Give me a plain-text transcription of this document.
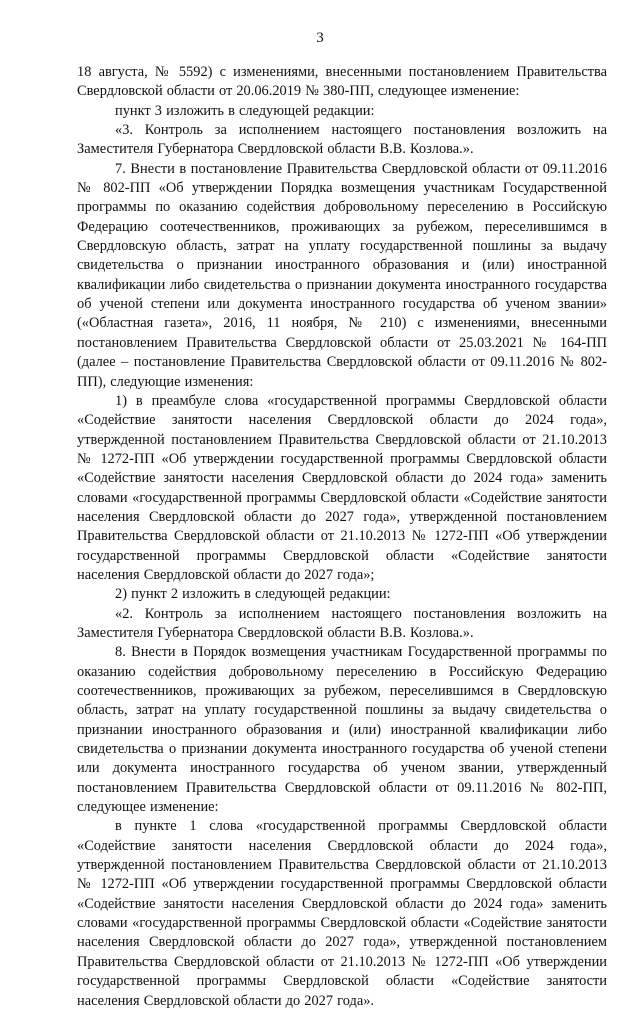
3

18 августа, № 5592) с изменениями, внесенными постановлением Правительства Свердловской области от 20.06.2019 № 380-ПП, следующее изменение:

пункт 3 изложить в следующей редакции:

«3. Контроль за исполнением настоящего постановления возложить на Заместителя Губернатора Свердловской области В.В. Козлова.».

7. Внести в постановление Правительства Свердловской области от 09.11.2016 № 802-ПП «Об утверждении Порядка возмещения участникам Государственной программы по оказанию содействия добровольному переселению в Российскую Федерацию соотечественников, проживающих за рубежом, переселившимся в Свердловскую область, затрат на уплату государственной пошлины за выдачу свидетельства о признании иностранного образования и (или) иностранной квалификации либо свидетельства о признании документа иностранного государства об ученой степени или документа иностранного государства об ученом звании» («Областная газета», 2016, 11 ноября, № 210) с изменениями, внесенными постановлением Правительства Свердловской области от 25.03.2021 № 164-ПП (далее – постановление Правительства Свердловской области от 09.11.2016 № 802-ПП), следующие изменения:

1) в преамбуле слова «государственной программы Свердловской области «Содействие занятости населения Свердловской области до 2024 года», утвержденной постановлением Правительства Свердловской области от 21.10.2013 № 1272-ПП «Об утверждении государственной программы Свердловской области «Содействие занятости населения Свердловской области до 2024 года» заменить словами «государственной программы Свердловской области «Содействие занятости населения Свердловской области до 2027 года», утвержденной постановлением Правительства Свердловской области от 21.10.2013 № 1272-ПП «Об утверждении государственной программы Свердловской области «Содействие занятости населения Свердловской области до 2027 года»;

2) пункт 2 изложить в следующей редакции:

«2. Контроль за исполнением настоящего постановления возложить на Заместителя Губернатора Свердловской области В.В. Козлова.».

8. Внести в Порядок возмещения участникам Государственной программы по оказанию содействия добровольному переселению в Российскую Федерацию соотечественников, проживающих за рубежом, переселившимся в Свердловскую область, затрат на уплату государственной пошлины за выдачу свидетельства о признании иностранного образования и (или) иностранной квалификации либо свидетельства о признании документа иностранного государства об ученой степени или документа иностранного государства об ученом звании, утвержденный постановлением Правительства Свердловской области от 09.11.2016 № 802-ПП, следующее изменение:

в пункте 1 слова «государственной программы Свердловской области «Содействие занятости населения Свердловской области до 2024 года», утвержденной постановлением Правительства Свердловской области от 21.10.2013 № 1272-ПП «Об утверждении государственной программы Свердловской области «Содействие занятости населения Свердловской области до 2024 года» заменить словами «государственной программы Свердловской области «Содействие занятости населения Свердловской области до 2027 года», утвержденной постановлением Правительства Свердловской области от 21.10.2013 № 1272-ПП «Об утверждении государственной программы Свердловской области «Содействие занятости населения Свердловской области до 2027 года».
